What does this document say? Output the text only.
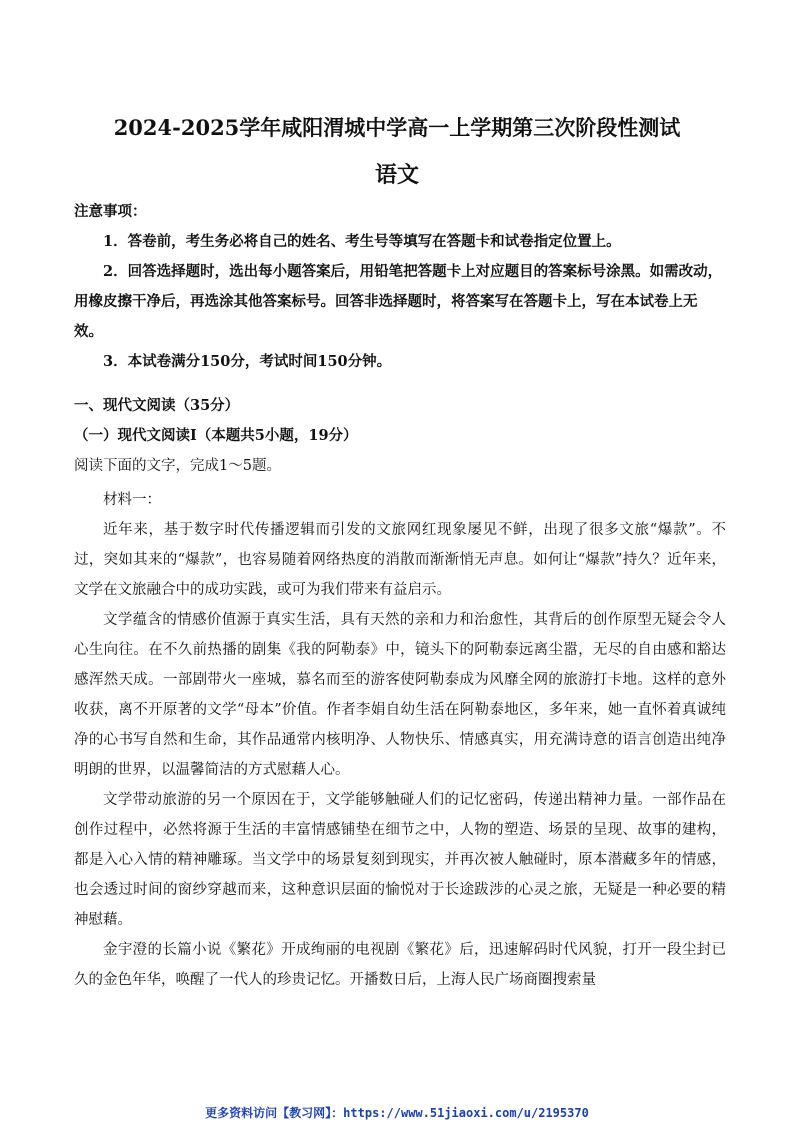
2024-2025学年咸阳渭城中学高一上学期第三次阶段性测试
语文

注意事项：

1．答卷前，考生务必将自己的姓名、考生号等填写在答题卡和试卷指定位置上。

2．回答选择题时，选出每小题答案后，用铅笔把答题卡上对应题目的答案标号涂黑。如需改动，用橡皮擦干净后，再选涂其他答案标号。回答非选择题时，将答案写在答题卡上，写在本试卷上无效。

3．本试卷满分150分，考试时间150分钟。

一、现代文阅读（35分）

（一）现代文阅读Ⅰ（本题共5小题，19分）

阅读下面的文字，完成1～5题。

材料一：

近年来，基于数字时代传播逻辑而引发的文旅网红现象屡见不鲜，出现了很多文旅“爆款”。不过，突如其来的“爆款”，也容易随着网络热度的消散而渐渐悄无声息。如何让“爆款”持久？近年来，文学在文旅融合中的成功实践，或可为我们带来有益启示。

文学蕴含的情感价值源于真实生活，具有天然的亲和力和治愈性，其背后的创作原型无疑会令人心生向往。在不久前热播的剧集《我的阿勒泰》中，镜头下的阿勒泰远离尘嚣，无尽的自由感和豁达感浑然天成。一部剧带火一座城，慕名而至的游客使阿勒泰成为风靡全网的旅游打卡地。这样的意外收获，离不开原著的文学“母本”价值。作者李娟自幼生活在阿勒泰地区，多年来，她一直怀着真诚纯净的心书写自然和生命，其作品通常内核明净、人物快乐、情感真实，用充满诗意的语言创造出纯净明朗的世界，以温馨简洁的方式慰藉人心。

文学带动旅游的另一个原因在于，文学能够触碰人们的记忆密码，传递出精神力量。一部作品在创作过程中，必然将源于生活的丰富情感铺垫在细节之中，人物的塑造、场景的呈现、故事的建构，都是入心入情的精神雕琢。当文学中的场景复刻到现实，并再次被人触碰时，原本潜藏多年的情感，也会透过时间的窗纱穿越而来，这种意识层面的愉悦对于长途跋涉的心灵之旅，无疑是一种必要的精神慰藉。

金宇澄的长篇小说《繁花》开成绚丽的电视剧《繁花》后，迅速解码时代风貌，打开一段尘封已久的金色年华，唤醒了一代人的珍贵记忆。开播数日后，上海人民广场商圈搜索量

更多资料访问【教习网】：https://www.51jiaoxi.com/u/2195370
